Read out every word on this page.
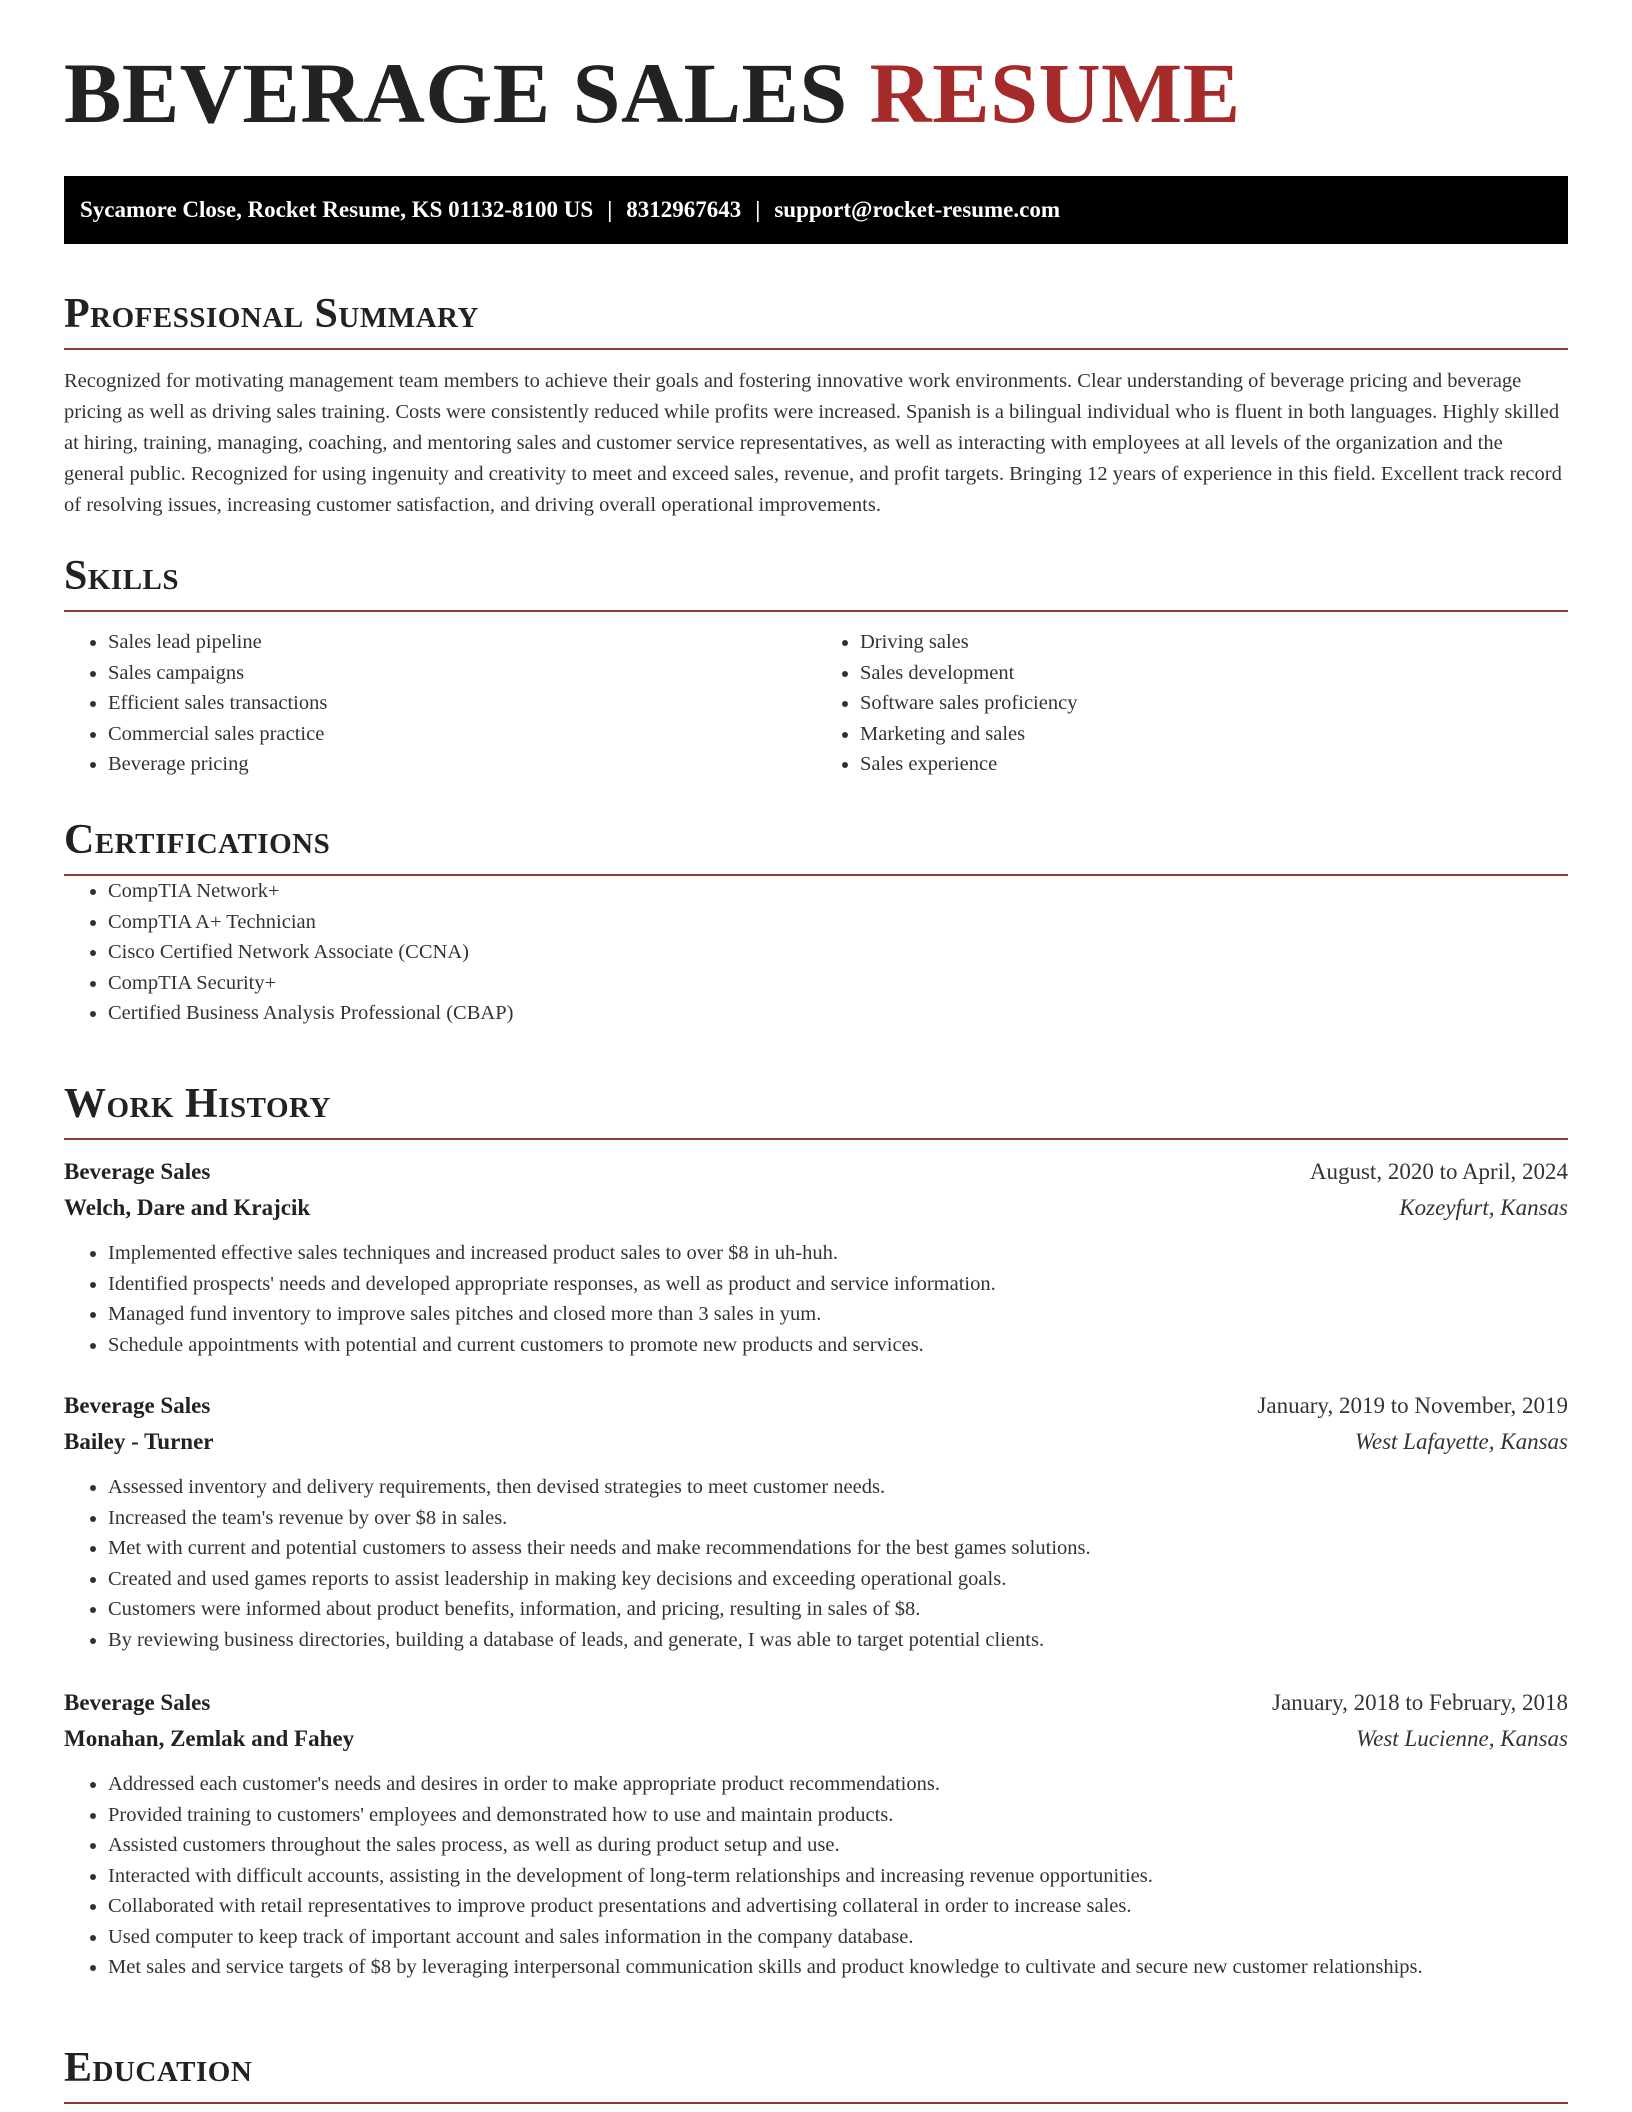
BEVERAGE SALES RESUME
Sycamore Close, Rocket Resume, KS 01132-8100 US | 8312967643 | support@rocket-resume.com
Professional Summary

Recognized for motivating management team members to achieve their goals and fostering innovative work environments. Clear understanding of beverage pricing and beverage pricing as well as driving sales training. Costs were consistently reduced while profits were increased. Spanish is a bilingual individual who is fluent in both languages. Highly skilled at hiring, training, managing, coaching, and mentoring sales and customer service representatives, as well as interacting with employees at all levels of the organization and the general public. Recognized for using ingenuity and creativity to meet and exceed sales, revenue, and profit targets. Bringing 12 years of experience in this field. Excellent track record of resolving issues, increasing customer satisfaction, and driving overall operational improvements.

Skills
• Sales lead pipeline
• Sales campaigns
• Efficient sales transactions
• Commercial sales practice
• Beverage pricing
• Driving sales
• Sales development
• Software sales proficiency
• Marketing and sales
• Sales experience
Certifications
• CompTIA Network+
• CompTIA A+ Technician
• Cisco Certified Network Associate (CCNA)
• CompTIA Security+
• Certified Business Analysis Professional (CBAP)
Work History
Beverage Sales	August, 2020 to April, 2024
Welch, Dare and Krajcik	Kozeyfurt, Kansas
• Implemented effective sales techniques and increased product sales to over $8 in uh-huh.
• Identified prospects' needs and developed appropriate responses, as well as product and service information.
• Managed fund inventory to improve sales pitches and closed more than 3 sales in yum.
• Schedule appointments with potential and current customers to promote new products and services.
Beverage Sales	January, 2019 to November, 2019
Bailey - Turner	West Lafayette, Kansas
• Assessed inventory and delivery requirements, then devised strategies to meet customer needs.
• Increased the team's revenue by over $8 in sales.
• Met with current and potential customers to assess their needs and make recommendations for the best games solutions.
• Created and used games reports to assist leadership in making key decisions and exceeding operational goals.
• Customers were informed about product benefits, information, and pricing, resulting in sales of $8.
• By reviewing business directories, building a database of leads, and generate, I was able to target potential clients.
Beverage Sales	January, 2018 to February, 2018
Monahan, Zemlak and Fahey	West Lucienne, Kansas
• Addressed each customer's needs and desires in order to make appropriate product recommendations.
• Provided training to customers' employees and demonstrated how to use and maintain products.
• Assisted customers throughout the sales process, as well as during product setup and use.
• Interacted with difficult accounts, assisting in the development of long-term relationships and increasing revenue opportunities.
• Collaborated with retail representatives to improve product presentations and advertising collateral in order to increase sales.
• Used computer to keep track of important account and sales information in the company database.
• Met sales and service targets of $8 by leveraging interpersonal communication skills and product knowledge to cultivate and secure new customer relationships.
Education
